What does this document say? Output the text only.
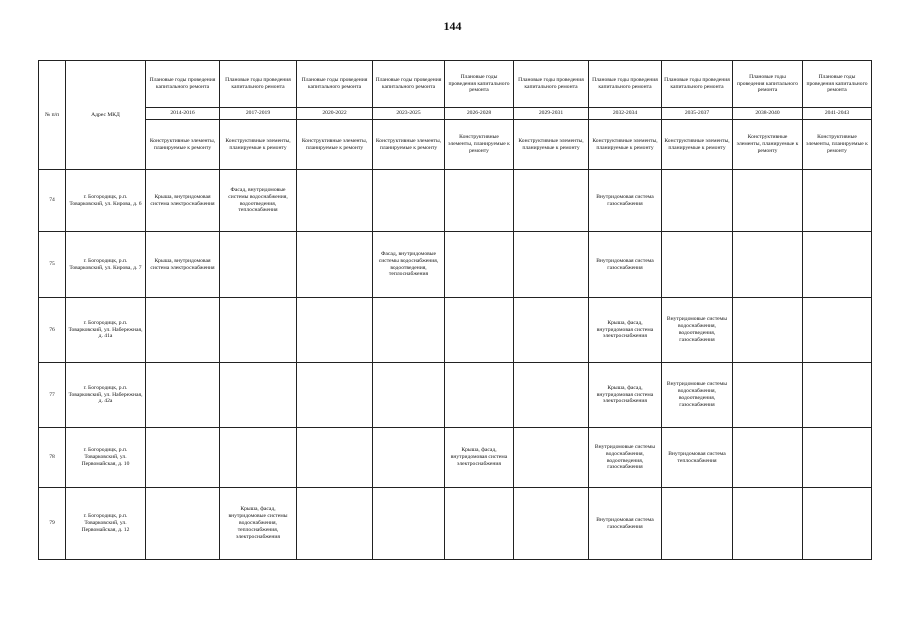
144
№ п/п	Адрес МКД	Плановые годы проведения капитального ремонта	Плановые годы проведения капитального ремонта	Плановые годы проведения капитального ремонта	Плановые годы проведения капитального ремонта	Плановые годы проведения капитального ремонта	Плановые годы проведения капитального ремонта	Плановые годы проведения капитального ремонта	Плановые годы проведения капитального ремонта	Плановые годы проведения капитального ремонта	Плановые годы проведения капитального ремонта
		2014-2016	2017-2019	2020-2022	2023-2025	2026-2028	2029-2031	2032-2034	2035-2037	2038-2040	2041-2043
		Конструктивные элементы, планируемые к ремонту	Конструктивные элементы, планируемые к ремонту	Конструктивные элементы, планируемые к ремонту	Конструктивные элементы, планируемые к ремонту	Конструктивные элементы, планируемые к ремонту	Конструктивные элементы, планируемые к ремонту	Конструктивные элементы, планируемые к ремонту	Конструктивные элементы, планируемые к ремонту	Конструктивные элементы, планируемые к ремонту	Конструктивные элементы, планируемые к ремонту
74	г. Богородицк, р.п. Товарковский, ул. Кирова, д. 6	Крыша, внутридомовая система электроснабжения	Фасад, внутридомовые системы водоснабжения, водоотведения, теплоснабжения					Внутридомовая система газоснабжения			
75	г. Богородицк, р.п. Товарковский, ул. Кирова, д. 7	Крыша, внутридомовая система электроснабжения			Фасад, внутридомовые системы водоснабжения, водоотведения, теплоснабжения			Внутридомовая система газоснабжения			
76	г. Богородицк, р.п. Товарковский, ул. Набережная, д. 41а							Крыша, фасад, внутридомовая система электроснабжения	Внутридомовые системы водоснабжения, водоотведения, газоснабжения		
77	г. Богородицк, р.п. Товарковский, ул. Набережная, д. 42а							Крыша, фасад, внутридомовая система электроснабжения	Внутридомовые системы водоснабжения, водоотведения, газоснабжения		
78	г. Богородицк, р.п. Товарковский, ул. Первомайская, д. 10					Крыша, фасад, внутридомовая система электроснабжения		Внутридомовые системы водоснабжения, водоотведения, газоснабжения	Внутридомовая система теплоснабжения		
79	г. Богородицк, р.п. Товарковский, ул. Первомайская, д. 12		Крыша, фасад, внутридомовые системы водоснабжения, теплоснабжения, электроснабжения					Внутридомовая система газоснабжения			
